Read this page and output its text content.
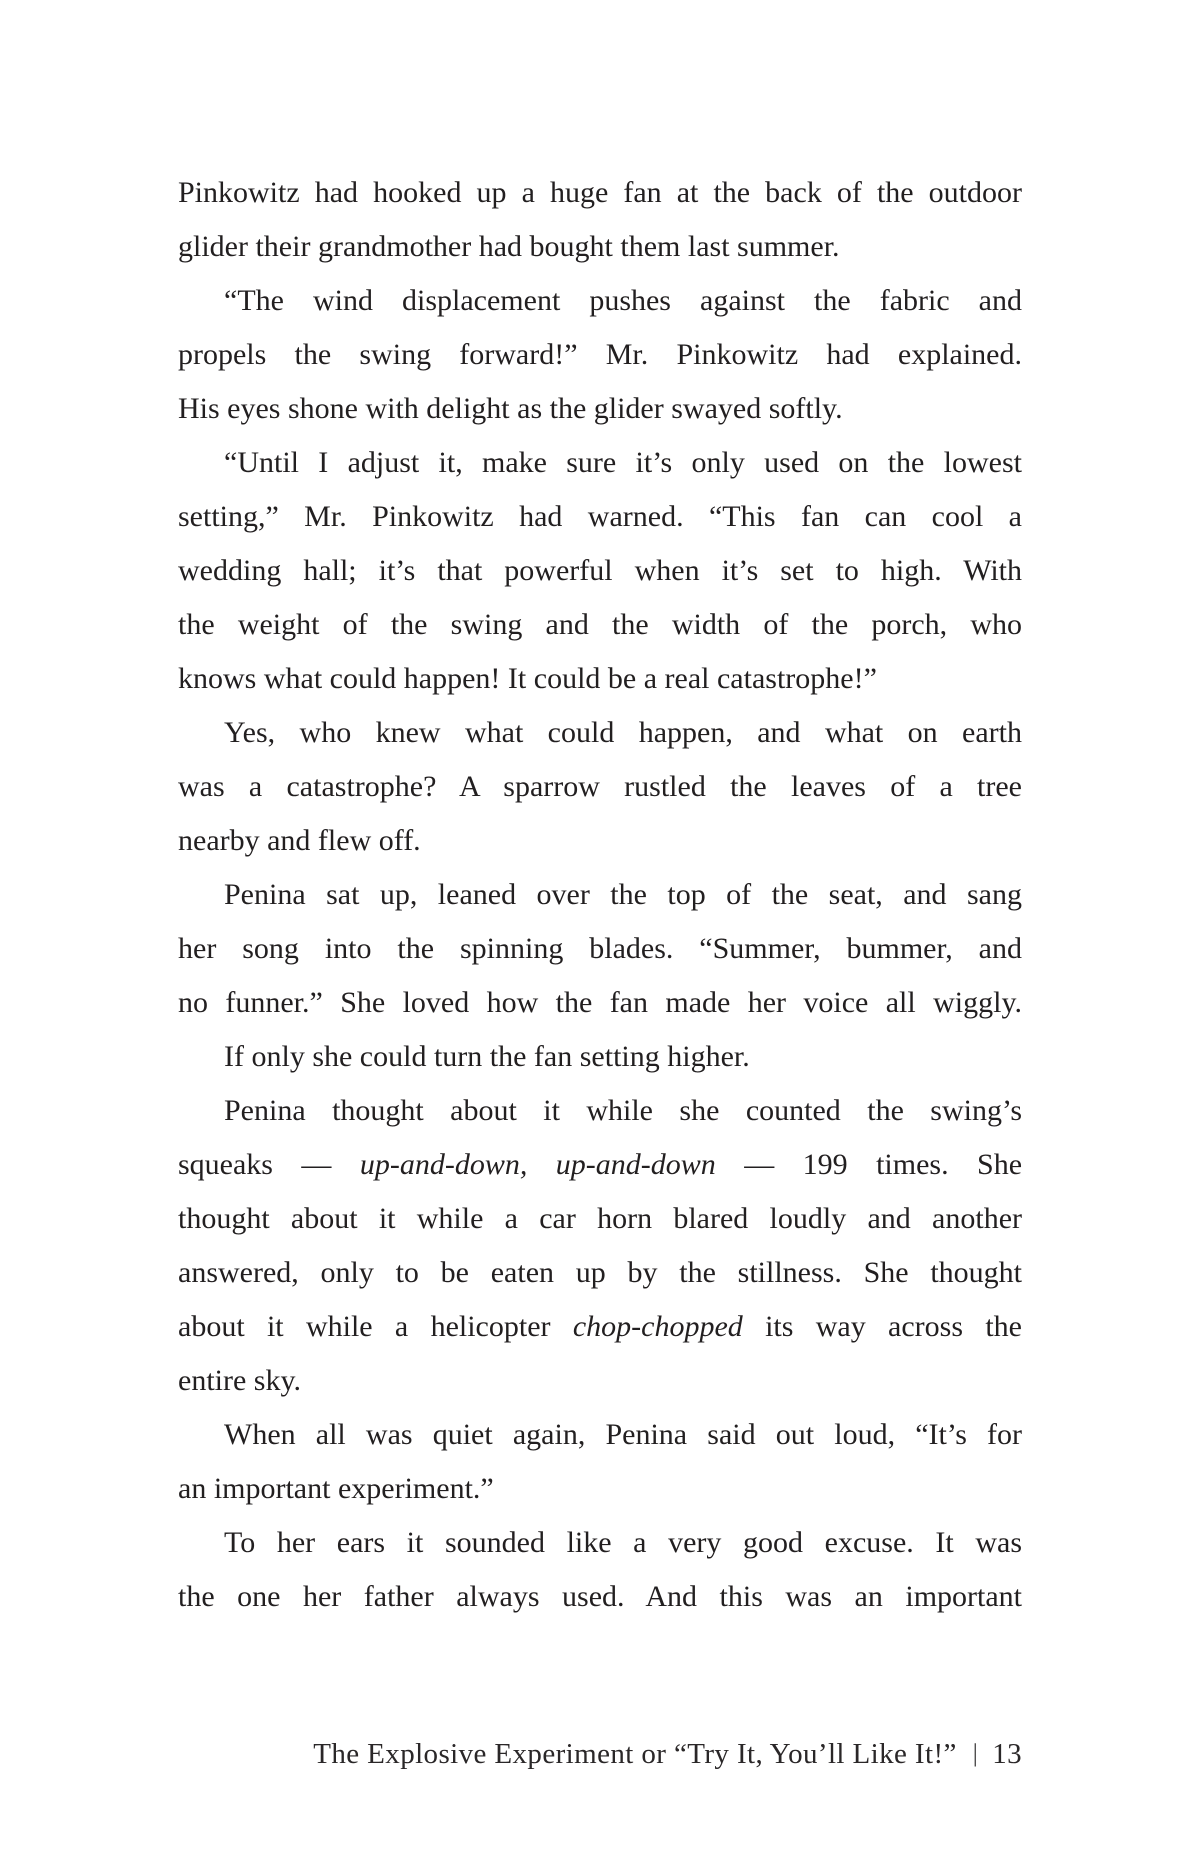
Pinkowitz had hooked up a huge fan at the back of the outdoor
glider their grandmother had bought them last summer.
“The wind displacement pushes against the fabric and
propels the swing forward!” Mr. Pinkowitz had explained.
His eyes shone with delight as the glider swayed softly.
“Until I adjust it, make sure it’s only used on the lowest
setting,” Mr. Pinkowitz had warned. “This fan can cool a
wedding hall; it’s that powerful when it’s set to high. With
the weight of the swing and the width of the porch, who
knows what could happen! It could be a real catastrophe!”
Yes, who knew what could happen, and what on earth
was a catastrophe? A sparrow rustled the leaves of a tree
nearby and flew off.
Penina sat up, leaned over the top of the seat, and sang
her song into the spinning blades. “Summer, bummer, and
no funner.” She loved how the fan made her voice all wiggly.
If only she could turn the fan setting higher.
Penina thought about it while she counted the swing’s
squeaks — up-and-down, up-and-down — 199 times. She
thought about it while a car horn blared loudly and another
answered, only to be eaten up by the stillness. She thought
about it while a helicopter chop-chopped its way across the
entire sky.
When all was quiet again, Penina said out loud, “It’s for
an important experiment.”
To her ears it sounded like a very good excuse. It was
the one her father always used. And this was an important
The Explosive Experiment or “Try It, You’ll Like It!” | 13
